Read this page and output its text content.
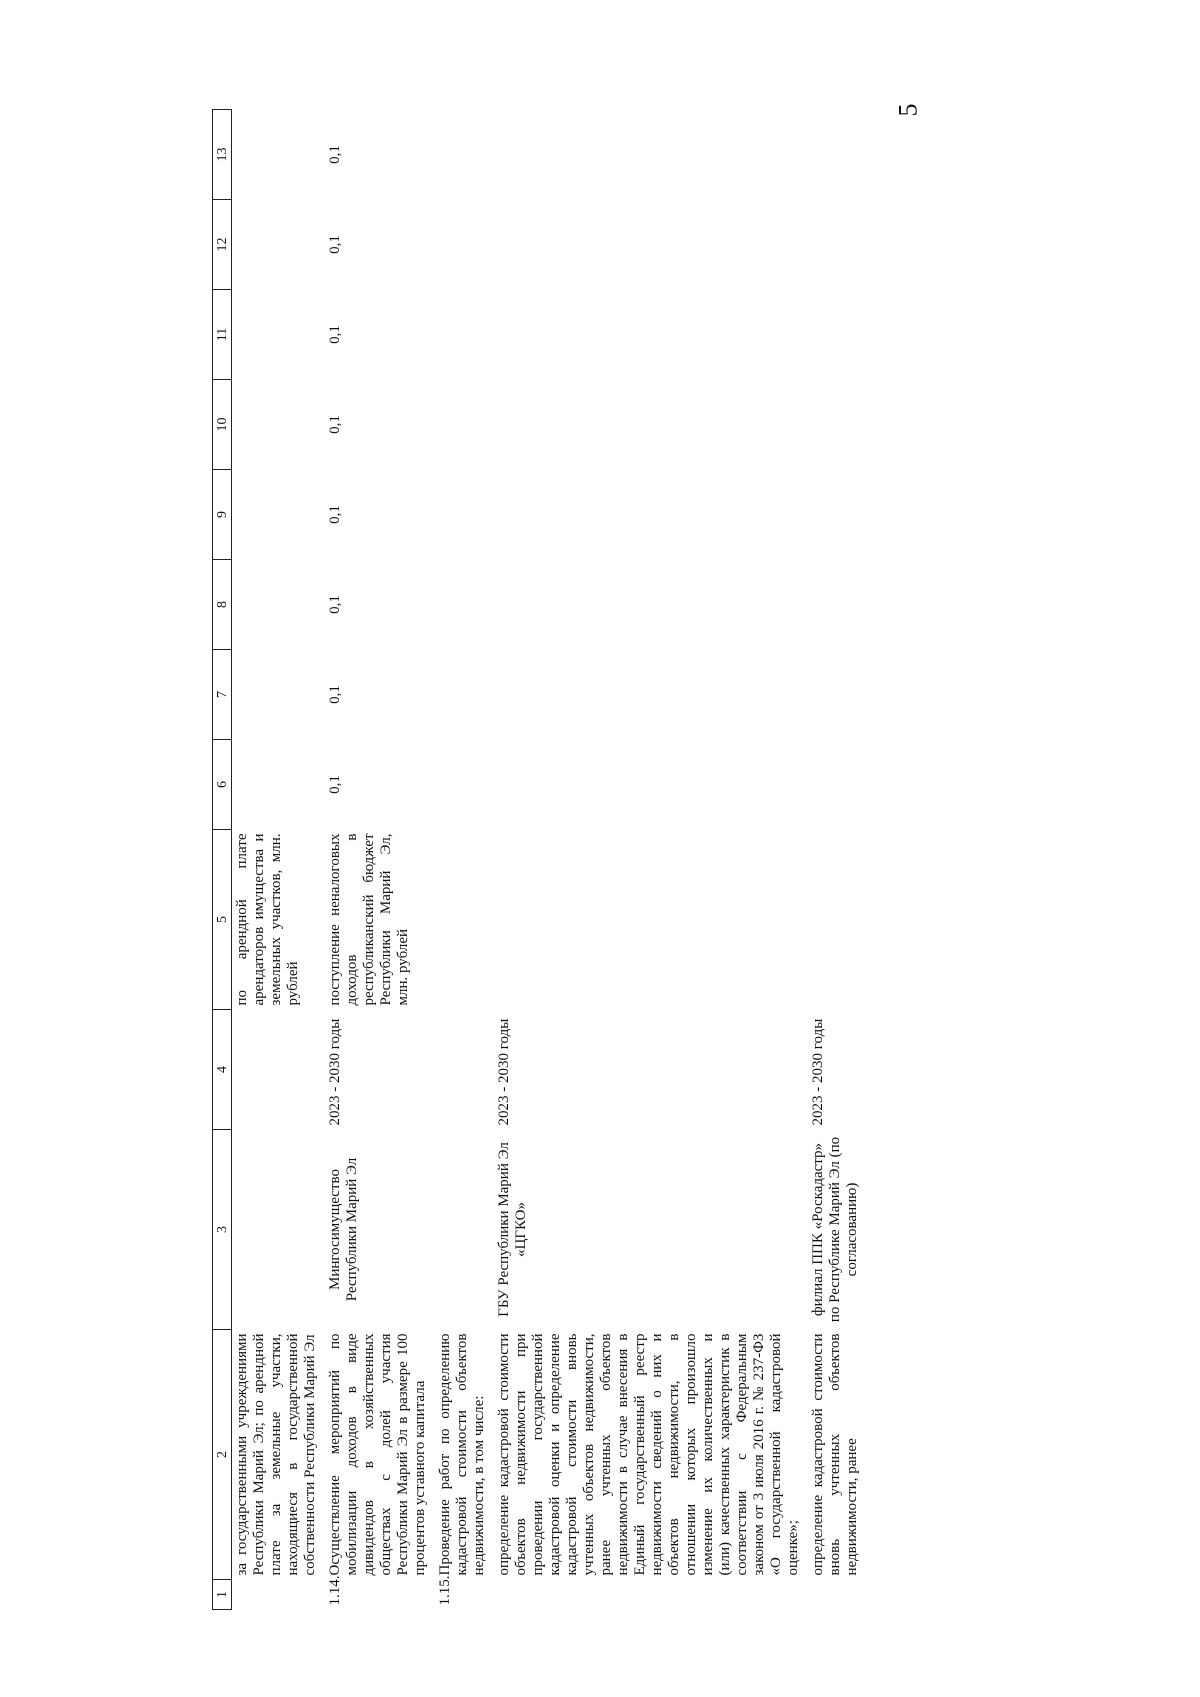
5
1	2	3	4	5	6	7	8	9	10	11	12	13
	за государственными учреждениями Республики Марий Эл; по арендной плате за земельные участки, находящиеся в государственной собственности Республики Марий Эл			по арендной плате арендаторов имущества и земельных участков, млн. рублей								
1.14.	Осуществление мероприятий по мобилизации доходов в виде дивидендов в хозяйственных обществах с долей участия Республики Марий Эл в размере 100 процентов уставного капитала	Мингосимущество Республики Марий Эл	2023 - 2030 годы	поступление неналоговых доходов в республиканский бюджет Республики Марий Эл, млн. рублей	0,1	0,1	0,1	0,1	0,1	0,1	0,1	0,1
1.15.	Проведение работ по определению кадастровой стоимости объектов недвижимости, в том числе:											
	определение кадастровой стоимости объектов недвижимости при проведении государственной кадастровой оценки и определение кадастровой стоимости вновь учтенных объектов недвижимости, ранее учтенных объектов недвижимости в случае внесения в Единый государственный реестр недвижимости сведений о них и объектов недвижимости, в отношении которых произошло изменение их количественных и (или) качественных характеристик в соответствии с Федеральным законом от 3 июля 2016 г. № 237-ФЗ «О государственной кадастровой оценке»;	ГБУ Республики Марий Эл «ЦГКО»	2023 - 2030 годы									
	определение кадастровой стоимости вновь учтенных объектов недвижимости, ранее	филиал ППК «Роскадастр» по Республике Марий Эл (по согласованию)	2023 - 2030 годы									
